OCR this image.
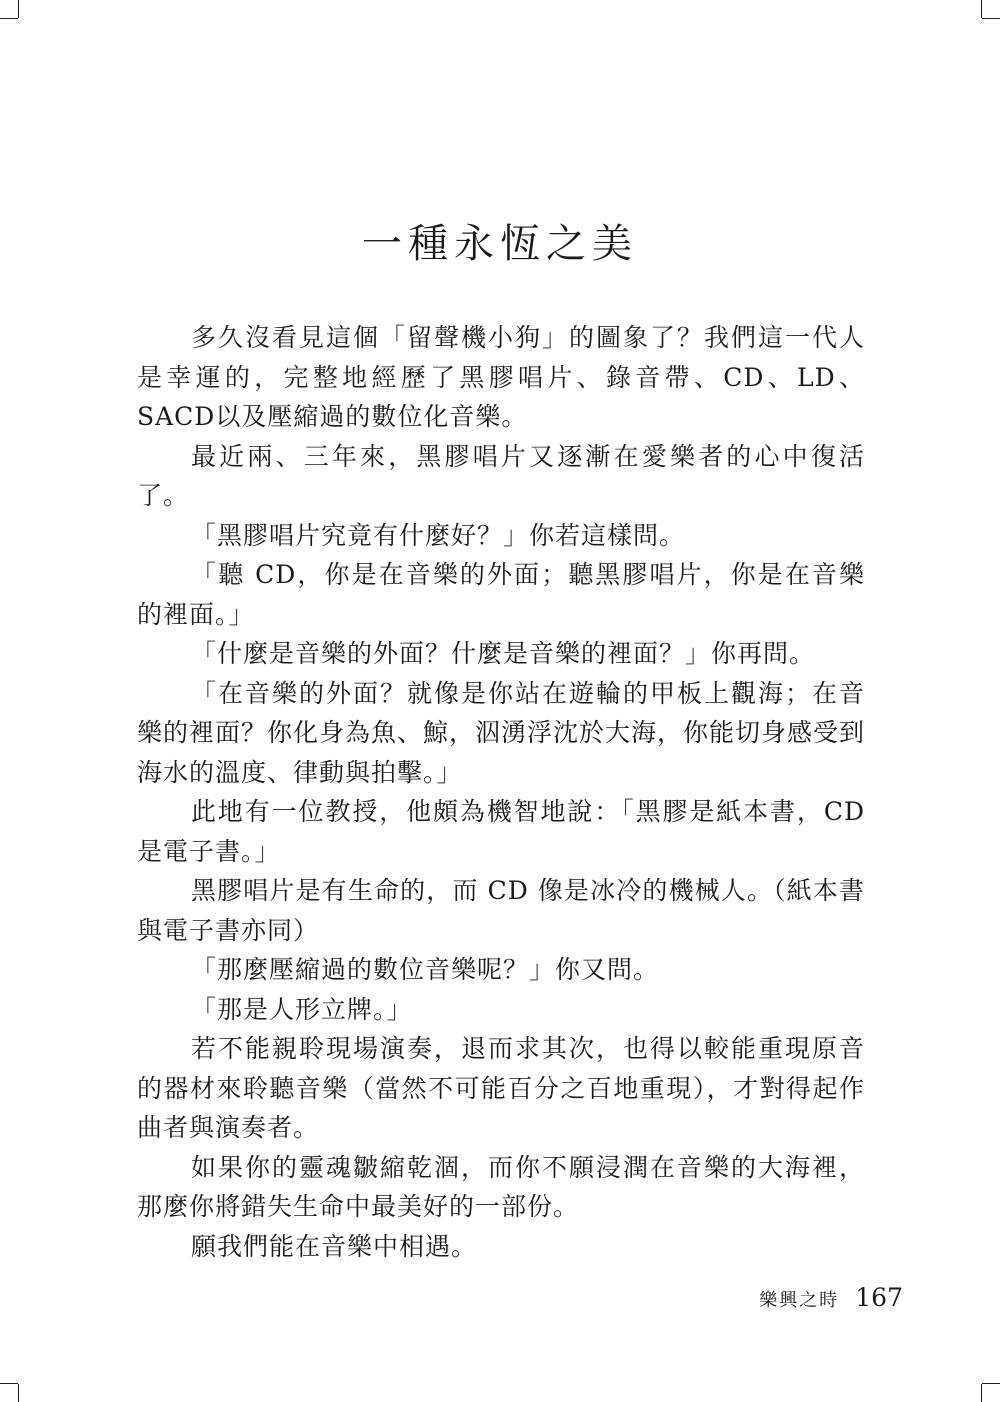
一種永恆之美

多久沒看見這個「留聲機小狗」的圖象了？我們這一代人是幸運的，完整地經歷了黑膠唱片、錄音帶、CD、LD、SACD以及壓縮過的數位化音樂。

最近兩、三年來，黑膠唱片又逐漸在愛樂者的心中復活了。

「黑膠唱片究竟有什麼好？」你若這樣問。

「聽 CD，你是在音樂的外面；聽黑膠唱片，你是在音樂的裡面。」

「什麼是音樂的外面？什麼是音樂的裡面？」你再問。

「在音樂的外面？就像是你站在遊輪的甲板上觀海；在音樂的裡面？你化身為魚、鯨，泅湧浮沈於大海，你能切身感受到海水的溫度、律動與拍擊。」

此地有一位教授，他頗為機智地說：「黑膠是紙本書，CD是電子書。」

黑膠唱片是有生命的，而 CD 像是冰冷的機械人。（紙本書與電子書亦同）

「那麼壓縮過的數位音樂呢？」你又問。

「那是人形立牌。」

若不能親聆現場演奏，退而求其次，也得以較能重現原音的器材來聆聽音樂（當然不可能百分之百地重現），才對得起作曲者與演奏者。

如果你的靈魂皺縮乾涸，而你不願浸潤在音樂的大海裡，那麼你將錯失生命中最美好的一部份。

願我們能在音樂中相遇。

樂興之時 167
